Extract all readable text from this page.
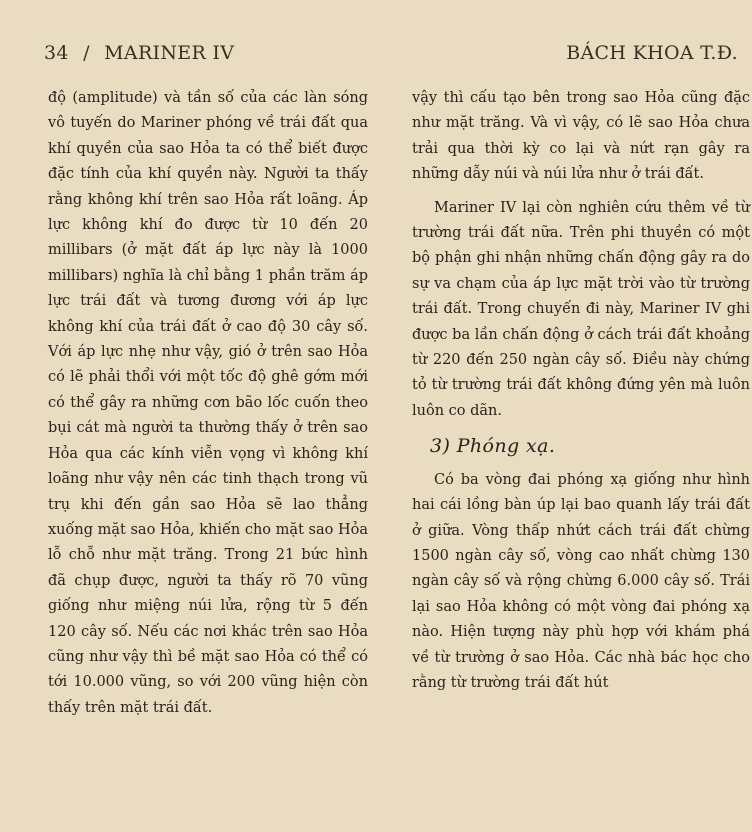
34 / MARINER IV	BÁCH KHOA T.Đ.

độ (amplitude) và tần số của các làn sóng vô tuyến do Mariner phóng về trái đất qua khí quyền của sao Hỏa ta có thể biết được đặc tính của khí quyền này. Người ta thấy rằng không khí trên sao Hỏa rất loãng. Áp lực không khí đo được từ 10 đến 20 millibars (ở mặt đất áp lực này là 1000 millibars) nghĩa là chỉ bằng 1 phần trăm áp lực trái đất và tương đương với áp lực không khí của trái đất ở cao độ 30 cây số. Với áp lực nhẹ như vậy, gió ở trên sao Hỏa có lẽ phải thổi với một tốc độ ghê gớm mới có thể gây ra những cơn bão lốc cuốn theo bụi cát mà người ta thường thấy ở trên sao Hỏa qua các kính viễn vọng vì không khí loãng như vậy nên các tinh thạch trong vũ trụ khi đến gần sao Hỏa sẽ lao thẳng xuống mặt sao Hỏa, khiến cho mặt sao Hỏa lỗ chỗ như mặt trăng. Trong 21 bức hình đã chụp được, người ta thấy rõ 70 vũng giống như miệng núi lửa, rộng từ 5 đến 120 cây số. Nếu các nơi khác trên sao Hỏa cũng như vậy thì bề mặt sao Hỏa có thể có tới 10.000 vũng, so với 200 vũng hiện còn thấy trên mặt trái đất.

vậy thì cấu tạo bên trong sao Hỏa cũng đặc như mặt trăng. Và vì vậy, có lẽ sao Hỏa chưa trải qua thời kỳ co lại và nứt rạn gây ra những dẫy núi và núi lửa như ở trái đất.

Mariner IV lại còn nghiên cứu thêm về từ trường trái đất nữa. Trên phi thuyền có một bộ phận ghi nhận những chấn động gây ra do sự va chạm của áp lực mặt trời vào từ trường trái đất. Trong chuyến đi này, Mariner IV ghi được ba lần chấn động ở cách trái đất khoảng từ 220 đến 250 ngàn cây số. Điều này chứng tỏ từ trường trái đất không đứng yên mà luôn luôn co dãn.

3) Phóng xạ.

Có ba vòng đai phóng xạ giống như hình hai cái lồng bàn úp lại bao quanh lấy trái đất ở giữa. Vòng thấp nhứt cách trái đất chừng 1500 ngàn cây số, vòng cao nhất chừng 130 ngàn cây số và rộng chừng 6.000 cây số. Trái lại sao Hỏa không có một vòng đai phóng xạ nào. Hiện tượng này phù hợp với khám phá về từ trường ở sao Hỏa. Các nhà bác học cho rằng từ trường trái đất hút
